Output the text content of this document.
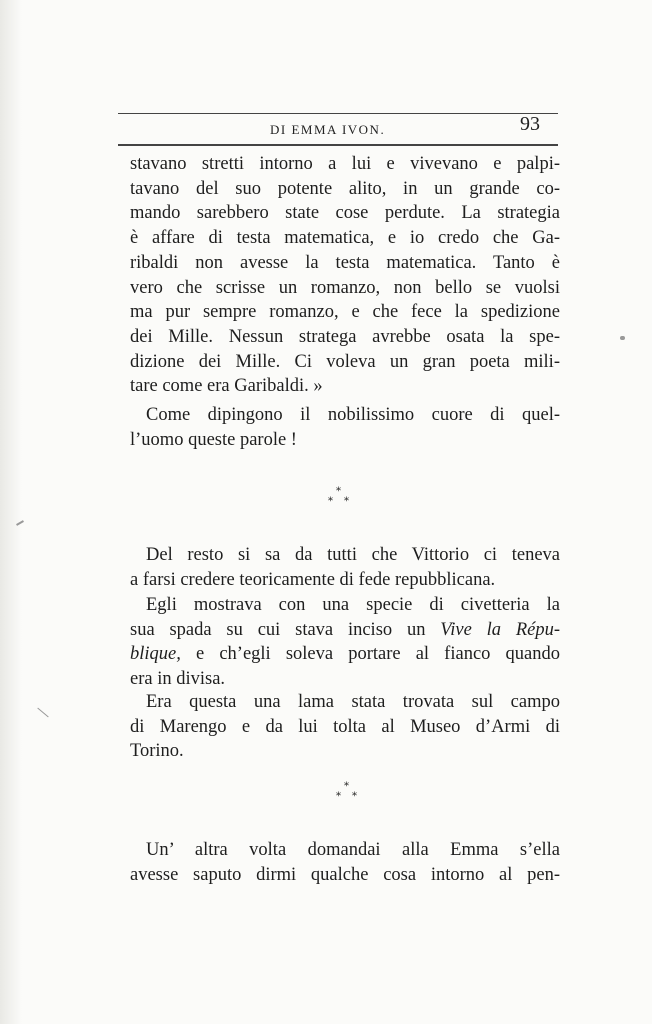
DI EMMA IVON.	93
stavano stretti intorno a lui e vivevano e palpi-
tavano del suo potente alito, in un grande co-
mando sarebbero state cose perdute. La strategia
è affare di testa matematica, e io credo che Ga-
ribaldi non avesse la testa matematica. Tanto è
vero che scrisse un romanzo, non bello se vuolsi
ma pur sempre romanzo, e che fece la spedizione
dei Mille. Nessun stratega avrebbe osata la spe-
dizione dei Mille. Ci voleva un gran poeta mili-
tare come era Garibaldi. »
Come dipingono il nobilissimo cuore di quel-
l’uomo queste parole !
*
* *
Del resto si sa da tutti che Vittorio ci teneva
a farsi credere teoricamente di fede repubblicana.
Egli mostrava con una specie di civetteria la
sua spada su cui stava inciso un Vive la Répu-
blique, e ch’egli soleva portare al fianco quando
era in divisa.
Era questa una lama stata trovata sul campo
di Marengo e da lui tolta al Museo d’Armi di
Torino.
*
* *
Un’ altra volta domandai alla Emma s’ella
avesse saputo dirmi qualche cosa intorno al pen-
